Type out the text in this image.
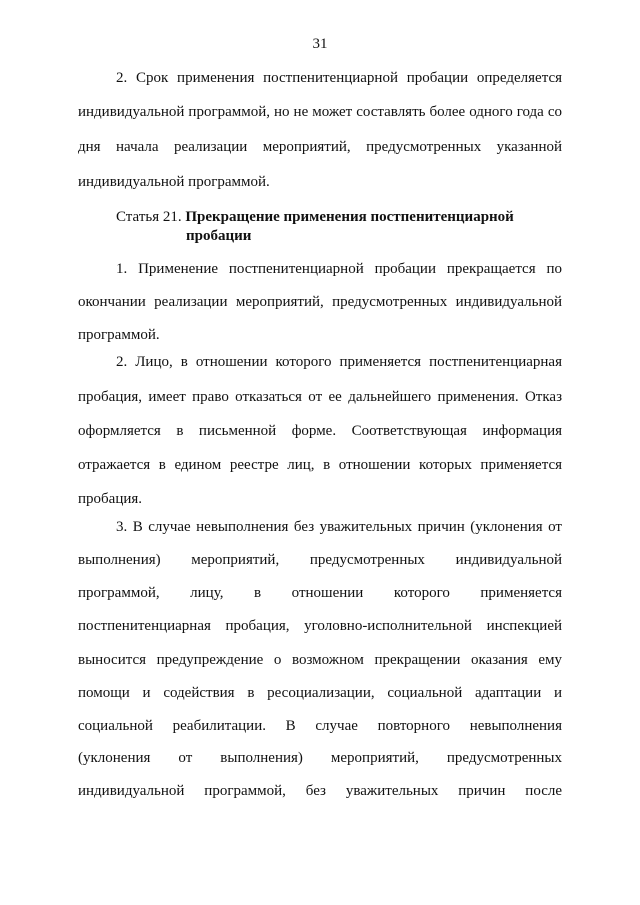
31
2. Срок применения постпенитенциарной пробации определяется
индивидуальной программой, но не может составлять более одного года со
дня начала реализации мероприятий, предусмотренных указанной
индивидуальной программой.
Статья 21. Прекращение применения постпенитенциарной
пробации
1. Применение постпенитенциарной пробации прекращается по
окончании реализации мероприятий, предусмотренных индивидуальной
программой.
2. Лицо, в отношении которого применяется постпенитенциарная
пробация, имеет право отказаться от ее дальнейшего применения. Отказ
оформляется в письменной форме. Соответствующая информация
отражается в едином реестре лиц, в отношении которых применяется
пробация.
3. В случае невыполнения без уважительных причин (уклонения от
выполнения) мероприятий, предусмотренных индивидуальной
программой, лицу, в отношении которого применяется
постпенитенциарная пробация, уголовно-исполнительной инспекцией
выносится предупреждение о возможном прекращении оказания ему
помощи и содействия в ресоциализации, социальной адаптации и
социальной реабилитации. В случае повторного невыполнения
(уклонения от выполнения) мероприятий, предусмотренных
индивидуальной программой, без уважительных причин после
